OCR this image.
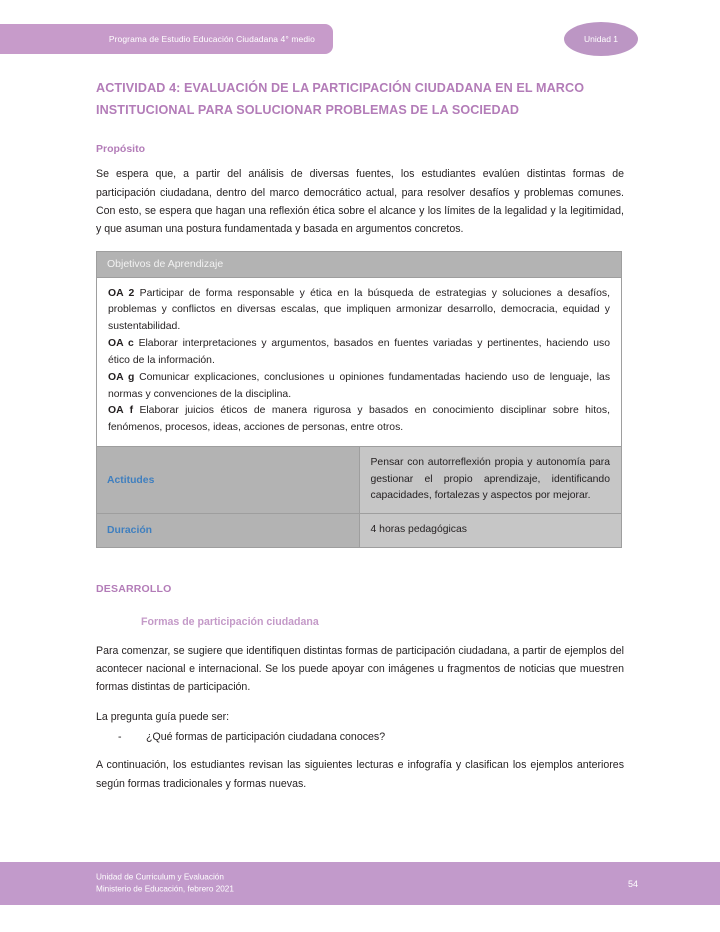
Programa de Estudio Educación Ciudadana 4° medio	Unidad 1
ACTIVIDAD 4: EVALUACIÓN DE LA PARTICIPACIÓN CIUDADANA EN EL MARCO INSTITUCIONAL PARA SOLUCIONAR PROBLEMAS DE LA SOCIEDAD
Propósito

Se espera que, a partir del análisis de diversas fuentes, los estudiantes evalúen distintas formas de participación ciudadana, dentro del marco democrático actual, para resolver desafíos y problemas comunes. Con esto, se espera que hagan una reflexión ética sobre el alcance y los límites de la legalidad y la legitimidad, y que asuman una postura fundamentada y basada en argumentos concretos.

Objetivos de Aprendizaje	

OA 2 Participar de forma responsable y ética en la búsqueda de estrategias y soluciones a desafíos, problemas y conflictos en diversas escalas, que impliquen armonizar desarrollo, democracia, equidad y sustentabilidad.

OA c Elaborar interpretaciones y argumentos, basados en fuentes variadas y pertinentes, haciendo uso ético de la información.

OA g Comunicar explicaciones, conclusiones u opiniones fundamentadas haciendo uso de lenguaje, las normas y convenciones de la disciplina.

OA f Elaborar juicios éticos de manera rigurosa y basados en conocimiento disciplinar sobre hitos, fenómenos, procesos, ideas, acciones de personas, entre otros.	

Actitudes	Pensar con autorreflexión propia y autonomía para gestionar el propio aprendizaje, identificando capacidades, fortalezas y aspectos por mejorar.
Duración	4 horas pedagógicas
DESARROLLO
Formas de participación ciudadana

Para comenzar, se sugiere que identifiquen distintas formas de participación ciudadana, a partir de ejemplos del acontecer nacional e internacional. Se los puede apoyar con imágenes u fragmentos de noticias que muestren formas distintas de participación.

La pregunta guía puede ser:

-	¿Qué formas de participación ciudadana conoces?

A continuación, los estudiantes revisan las siguientes lecturas e infografía y clasifican los ejemplos anteriores según formas tradicionales y formas nuevas.

Unidad de Curriculum y Evaluación
Ministerio de Educación, febrero 2021
54
